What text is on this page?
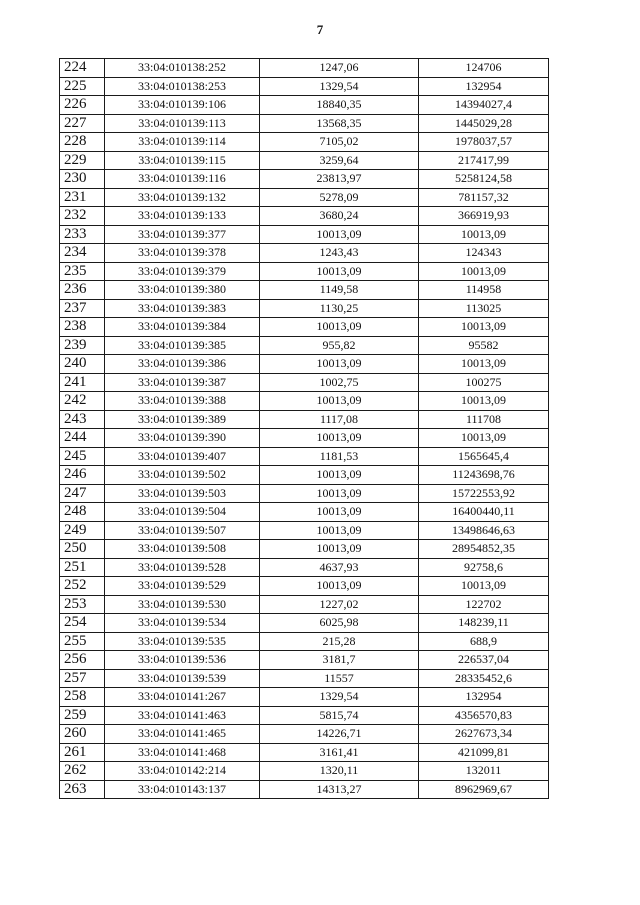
7
224	33:04:010138:252	1247,06	124706
225	33:04:010138:253	1329,54	132954
226	33:04:010139:106	18840,35	14394027,4
227	33:04:010139:113	13568,35	1445029,28
228	33:04:010139:114	7105,02	1978037,57
229	33:04:010139:115	3259,64	217417,99
230	33:04:010139:116	23813,97	5258124,58
231	33:04:010139:132	5278,09	781157,32
232	33:04:010139:133	3680,24	366919,93
233	33:04:010139:377	10013,09	10013,09
234	33:04:010139:378	1243,43	124343
235	33:04:010139:379	10013,09	10013,09
236	33:04:010139:380	1149,58	114958
237	33:04:010139:383	1130,25	113025
238	33:04:010139:384	10013,09	10013,09
239	33:04:010139:385	955,82	95582
240	33:04:010139:386	10013,09	10013,09
241	33:04:010139:387	1002,75	100275
242	33:04:010139:388	10013,09	10013,09
243	33:04:010139:389	1117,08	111708
244	33:04:010139:390	10013,09	10013,09
245	33:04:010139:407	1181,53	1565645,4
246	33:04:010139:502	10013,09	11243698,76
247	33:04:010139:503	10013,09	15722553,92
248	33:04:010139:504	10013,09	16400440,11
249	33:04:010139:507	10013,09	13498646,63
250	33:04:010139:508	10013,09	28954852,35
251	33:04:010139:528	4637,93	92758,6
252	33:04:010139:529	10013,09	10013,09
253	33:04:010139:530	1227,02	122702
254	33:04:010139:534	6025,98	148239,11
255	33:04:010139:535	215,28	688,9
256	33:04:010139:536	3181,7	226537,04
257	33:04:010139:539	11557	28335452,6
258	33:04:010141:267	1329,54	132954
259	33:04:010141:463	5815,74	4356570,83
260	33:04:010141:465	14226,71	2627673,34
261	33:04:010141:468	3161,41	421099,81
262	33:04:010142:214	1320,11	132011
263	33:04:010143:137	14313,27	8962969,67
